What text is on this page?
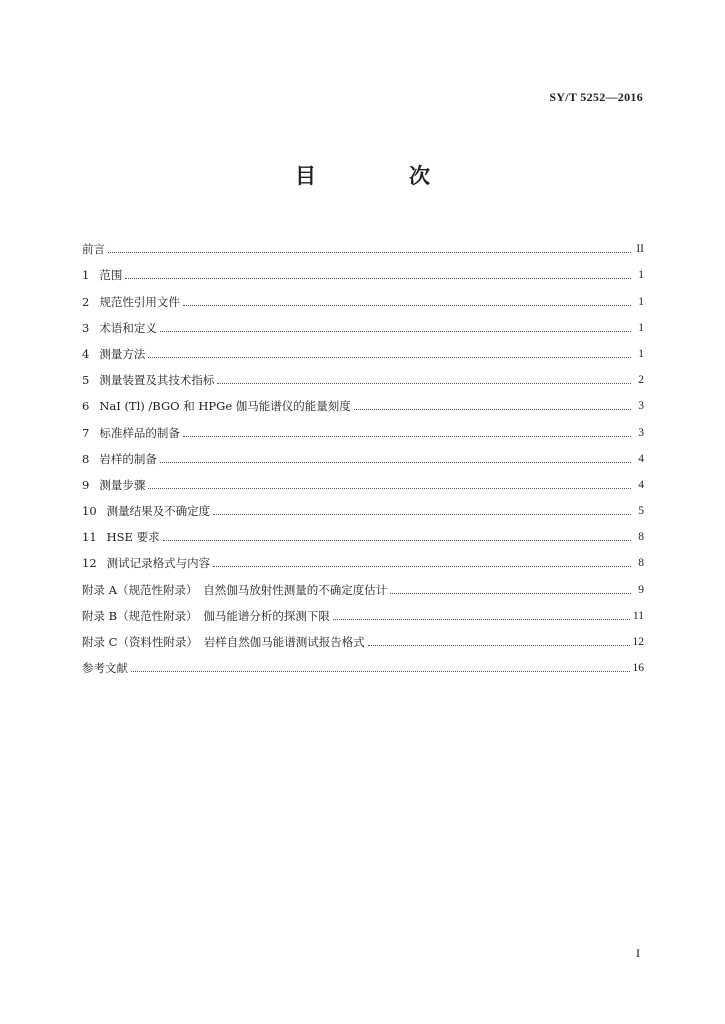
SY/T 5252—2016
目　次
前言	II
1 范围	1
2 规范性引用文件	1
3 术语和定义	1
4 测量方法	1
5 测量装置及其技术指标	2
6 NaI (Tl) /BGO 和 HPGe 伽马能谱仪的能量刻度	3
7 标准样品的制备	3
8 岩样的制备	4
9 测量步骤	4
10 测量结果及不确定度	5
11 HSE 要求	8
12 测试记录格式与内容	8
附录 A（规范性附录）　自然伽马放射性测量的不确定度估计	9
附录 B（规范性附录）　伽马能谱分析的探测下限	11
附录 C（资料性附录）　岩样自然伽马能谱测试报告格式	12
参考文献	16
I
